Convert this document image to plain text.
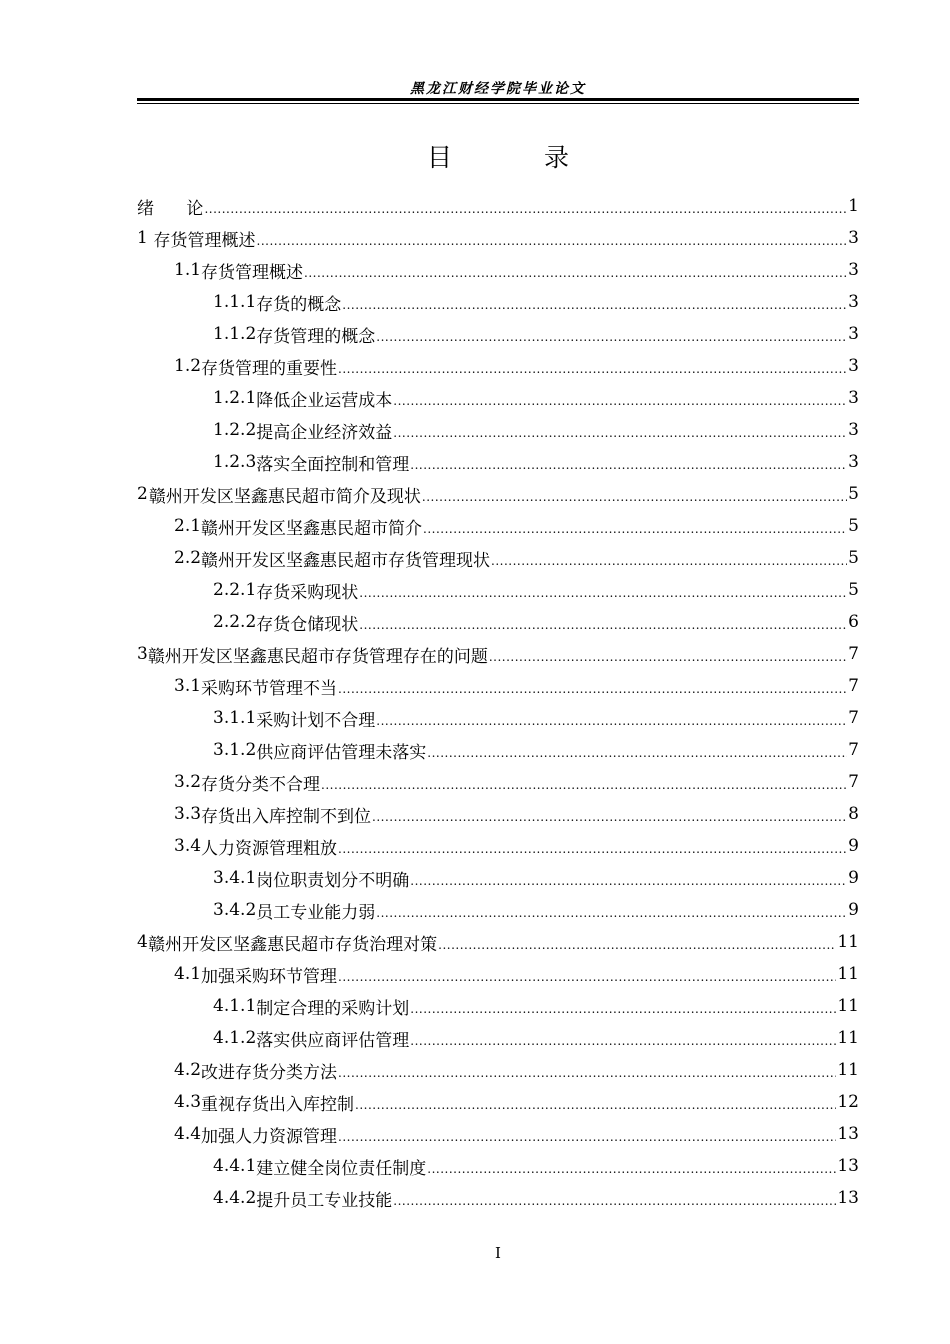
黑龙江财经学院毕业论文
目 录
绪      论 .....	1
1 存货管理概述 .....	3
1.1 存货管理概述 .....	3
1.1.1 存货的概念 .....	3
1.1.2 存货管理的概念 .....	3
1.2 存货管理的重要性 .....	3
1.2.1 降低企业运营成本 .....	3
1.2.2 提高企业经济效益 .....	3
1.2.3 落实全面控制和管理 .....	3
2 赣州开发区坚鑫惠民超市简介及现状 .....	5
2.1 赣州开发区坚鑫惠民超市简介 .....	5
2.2 赣州开发区坚鑫惠民超市存货管理现状 .....	5
2.2.1 存货采购现状 .....	5
2.2.2 存货仓储现状 .....	6
3 赣州开发区坚鑫惠民超市存货管理存在的问题 .....	7
3.1 采购环节管理不当 .....	7
3.1.1 采购计划不合理 .....	7
3.1.2 供应商评估管理未落实 .....	7
3.2 存货分类不合理 .....	7
3.3 存货出入库控制不到位 .....	8
3.4 人力资源管理粗放 .....	9
3.4.1 岗位职责划分不明确 .....	9
3.4.2 员工专业能力弱 .....	9
4 赣州开发区坚鑫惠民超市存货治理对策 .....	11
4.1 加强采购环节管理 .....	11
4.1.1 制定合理的采购计划 .....	11
4.1.2 落实供应商评估管理 .....	11
4.2 改进存货分类方法 .....	11
4.3 重视存货出入库控制 .....	12
4.4 加强人力资源管理 .....	13
4.4.1 建立健全岗位责任制度 .....	13
4.4.2 提升员工专业技能 .....	13
I
